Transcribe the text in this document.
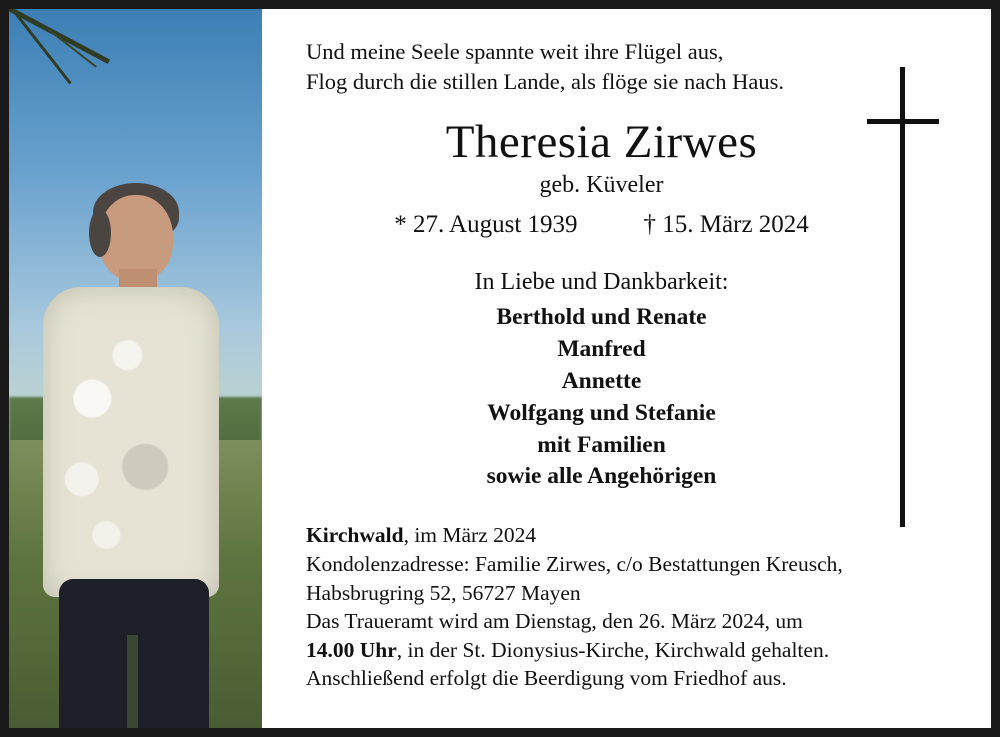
Und meine Seele spannte weit ihre Flügel aus,
Flog durch die stillen Lande, als flöge sie nach Haus.
Theresia Zirwes
geb. Küveler
* 27. August 1939	† 15. März 2024
In Liebe und Dankbarkeit:
Berthold und Renate
Manfred
Annette
Wolfgang und Stefanie
mit Familien
sowie alle Angehörigen
Kirchwald, im März 2024
Kondolenzadresse: Familie Zirwes, c/o Bestattungen Kreusch,
Habsbrugring 52, 56727 Mayen
Das Traueramt wird am Dienstag, den 26. März 2024, um
14.00 Uhr, in der St. Dionysius-Kirche, Kirchwald gehalten.
Anschließend erfolgt die Beerdigung vom Friedhof aus.
